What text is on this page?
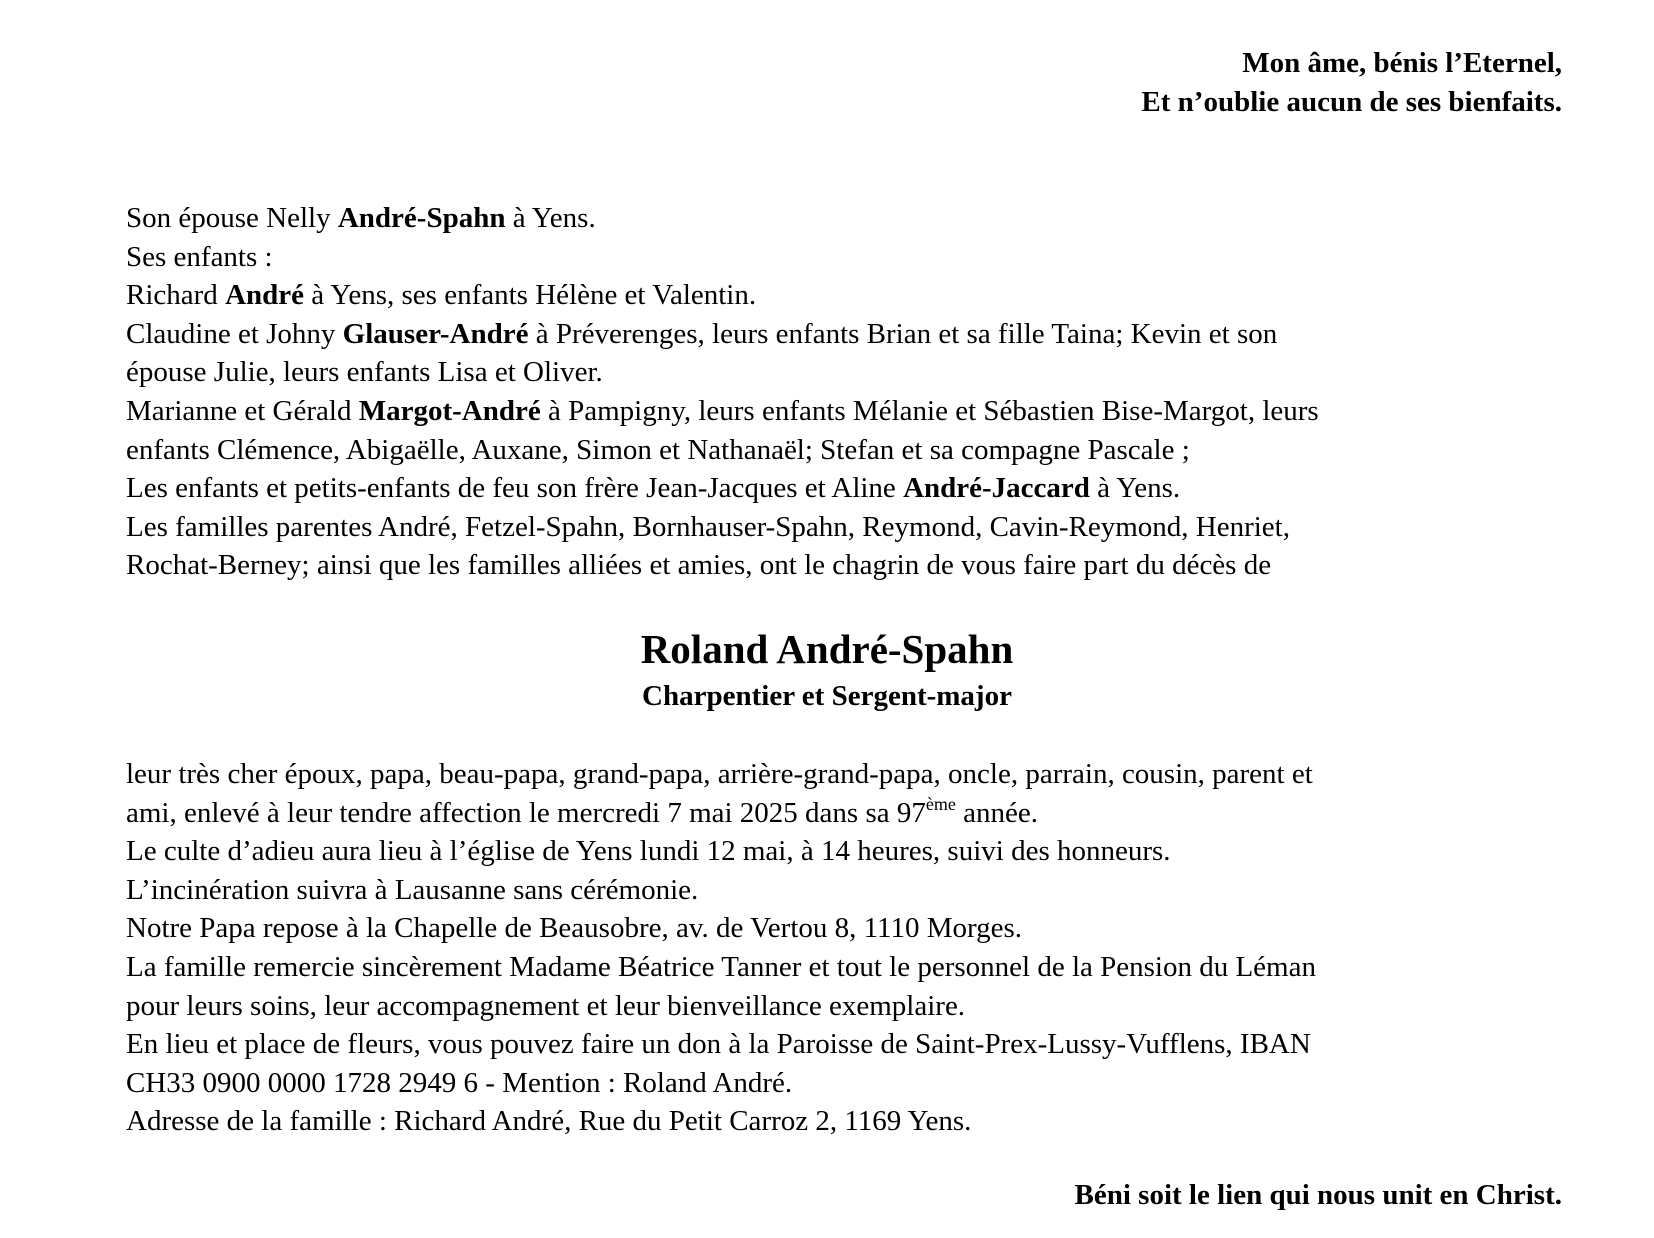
Mon âme, bénis l’Eternel,
Et n’oublie aucun de ses bienfaits.
Son épouse Nelly André-Spahn à Yens.
Ses enfants :
Richard André à Yens, ses enfants Hélène et Valentin.
Claudine et Johny Glauser-André à Préverenges, leurs enfants Brian et sa fille Taina; Kevin et son
épouse Julie, leurs enfants Lisa et Oliver.
Marianne et Gérald Margot-André à Pampigny, leurs enfants Mélanie et Sébastien Bise-Margot, leurs
enfants Clémence, Abigaëlle, Auxane, Simon et Nathanaël; Stefan et sa compagne Pascale ;
Les enfants et petits-enfants de feu son frère Jean-Jacques et Aline André-Jaccard à Yens.
Les familles parentes André, Fetzel-Spahn, Bornhauser-Spahn, Reymond, Cavin-Reymond, Henriet,
Rochat-Berney; ainsi que les familles alliées et amies, ont le chagrin de vous faire part du décès de
Roland André-Spahn
Charpentier et Sergent-major
leur très cher époux, papa, beau-papa, grand-papa, arrière-grand-papa, oncle, parrain, cousin, parent et
ami, enlevé à leur tendre affection le mercredi 7 mai 2025 dans sa 97ème année.
Le culte d’adieu aura lieu à l’église de Yens lundi 12 mai, à 14 heures, suivi des honneurs.
L’incinération suivra à Lausanne sans cérémonie.
Notre Papa repose à la Chapelle de Beausobre, av. de Vertou 8, 1110 Morges.
La famille remercie sincèrement Madame Béatrice Tanner et tout le personnel de la Pension du Léman
pour leurs soins, leur accompagnement et leur bienveillance exemplaire.
En lieu et place de fleurs, vous pouvez faire un don à la Paroisse de Saint-Prex-Lussy-Vufflens, IBAN
CH33 0900 0000 1728 2949 6 - Mention : Roland André.
Adresse de la famille : Richard André, Rue du Petit Carroz 2, 1169 Yens.
Béni soit le lien qui nous unit en Christ.
